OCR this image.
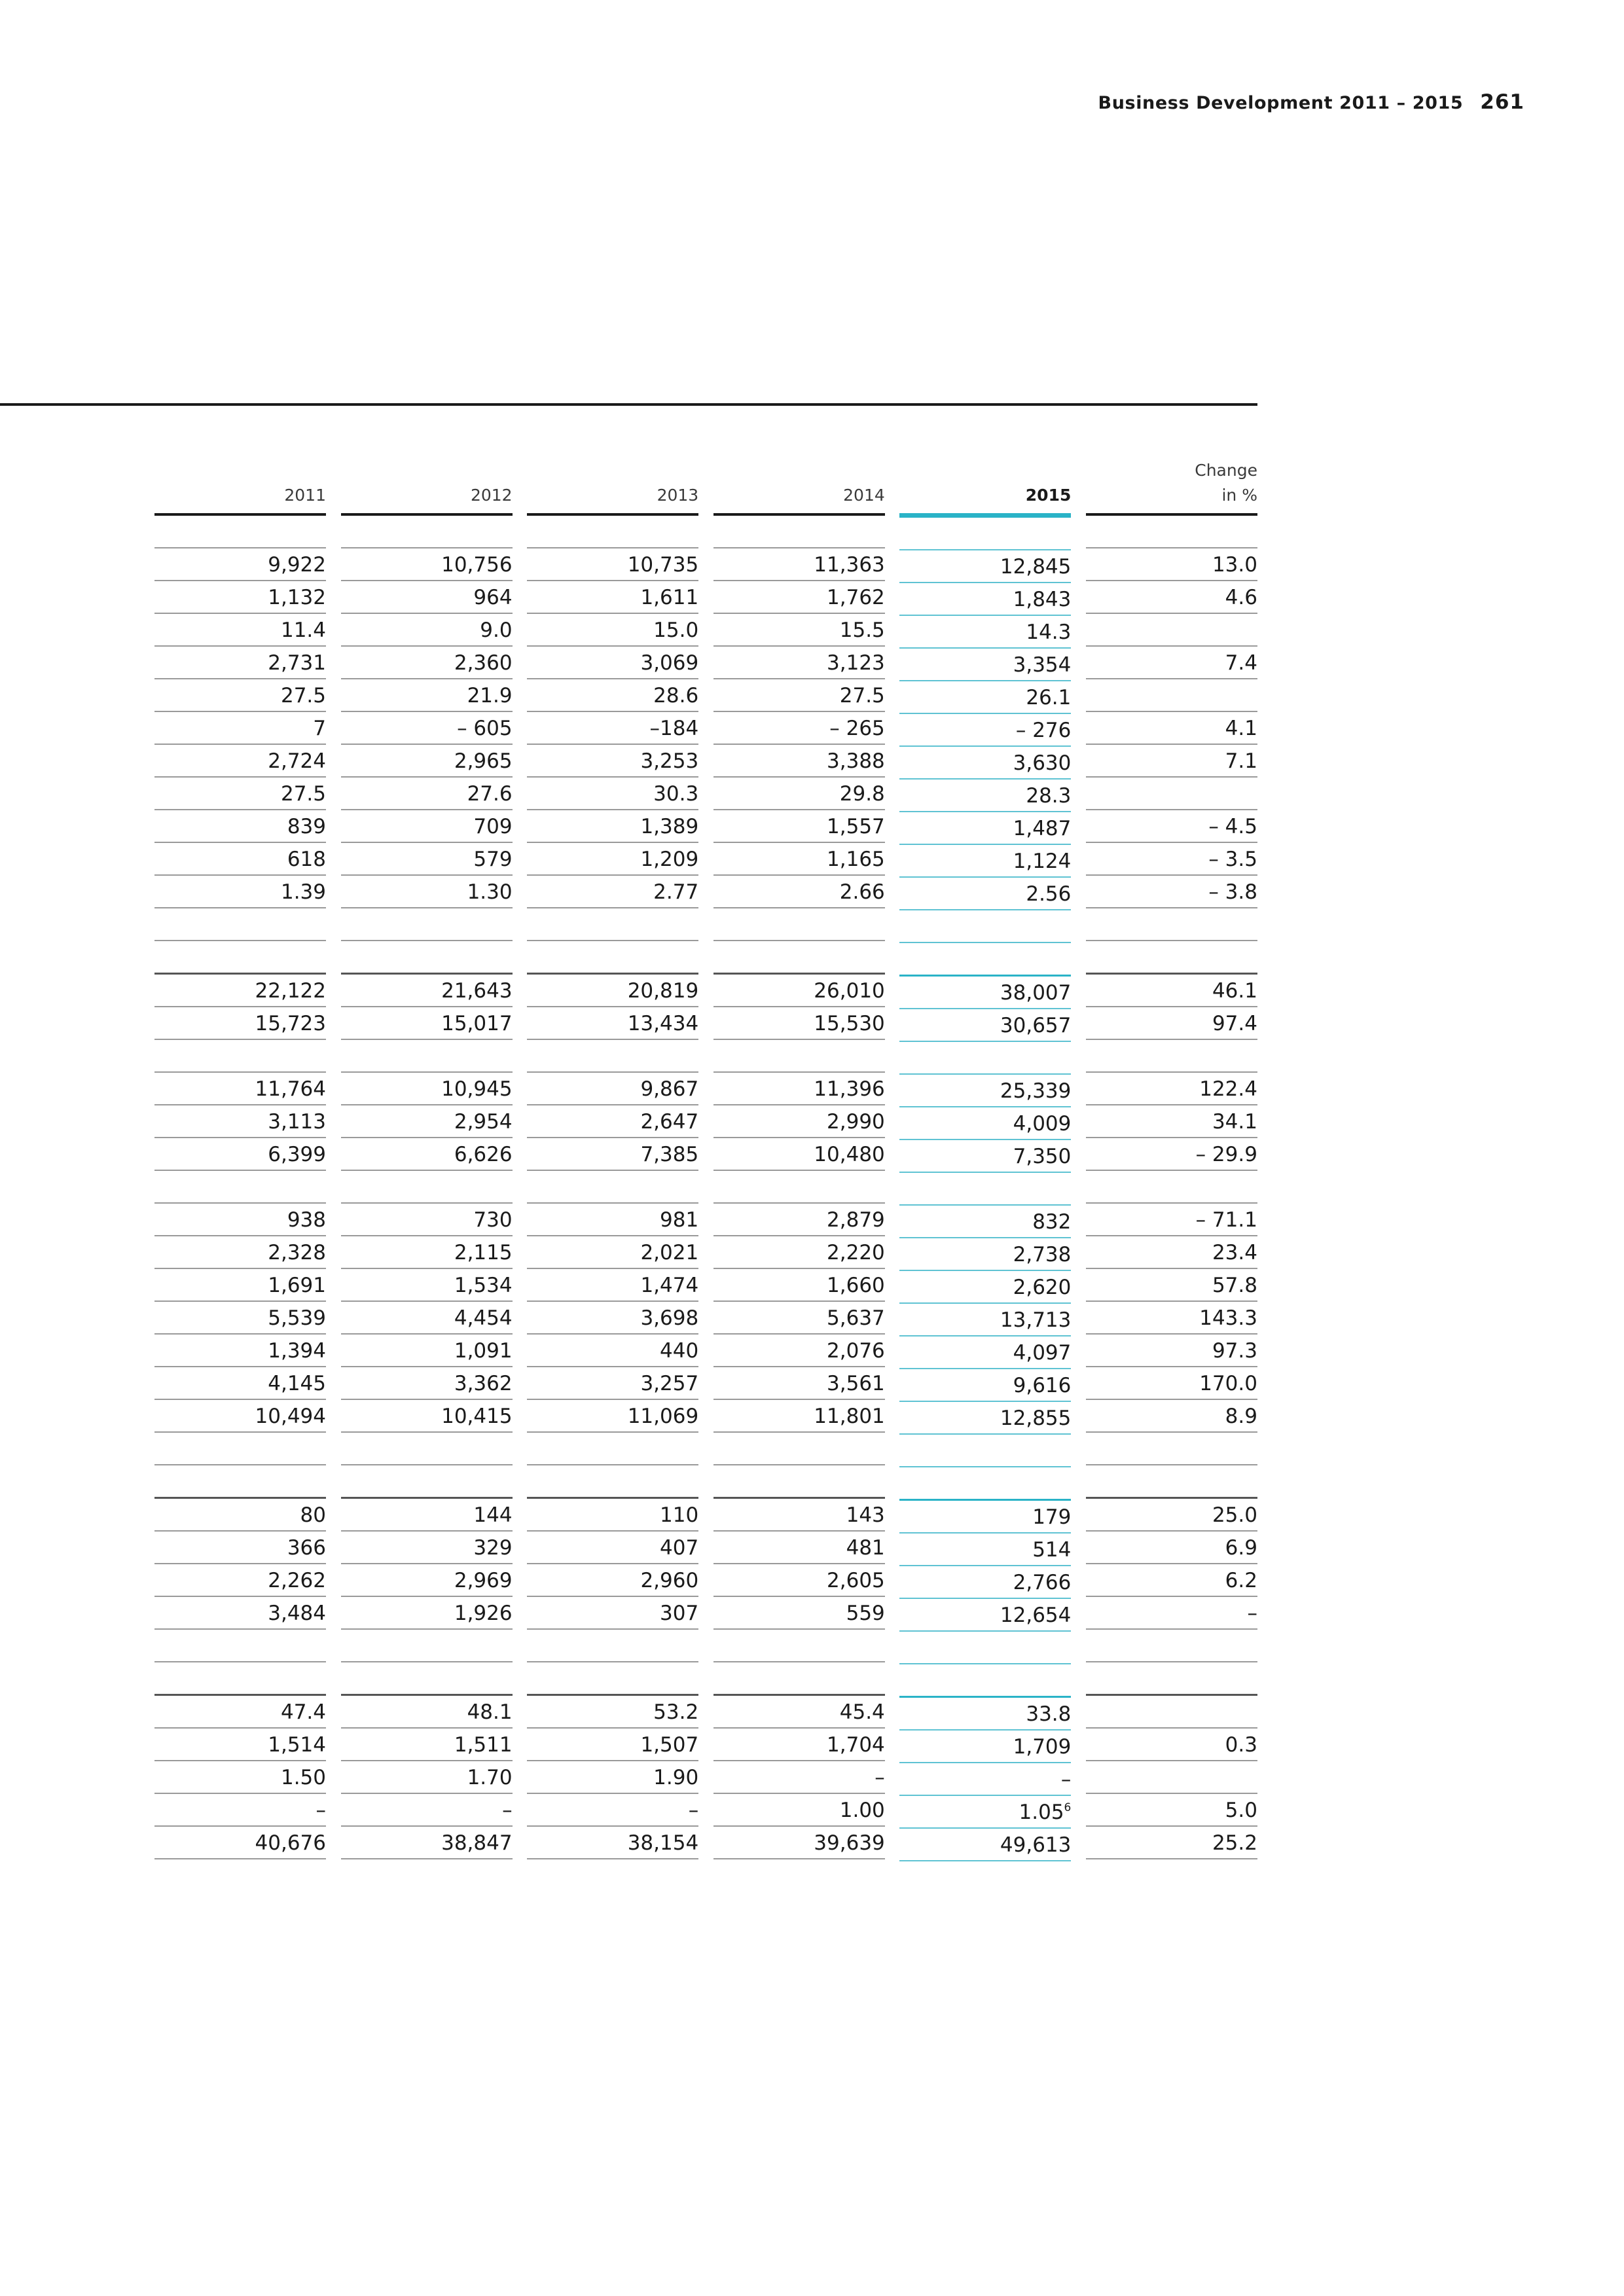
Business Development 2011 – 2015 261
2011
9,922
1,132
11.4
2,731
27.5
7
2,724
27.5
839
618
1.39
22,122
15,723
11,764
3,113
6,399
938
2,328
1,691
5,539
1,394
4,145
10,494
80
366
2,262
3,484
47.4
1,514
1.50
–
40,676
2012
10,756
964
9.0
2,360
21.9
– 605
2,965
27.6
709
579
1.30
21,643
15,017
10,945
2,954
6,626
730
2,115
1,534
4,454
1,091
3,362
10,415
144
329
2,969
1,926
48.1
1,511
1.70
–
38,847
2013
10,735
1,611
15.0
3,069
28.6
–184
3,253
30.3
1,389
1,209
2.77
20,819
13,434
9,867
2,647
7,385
981
2,021
1,474
3,698
440
3,257
11,069
110
407
2,960
307
53.2
1,507
1.90
–
38,154
2014
11,363
1,762
15.5
3,123
27.5
– 265
3,388
29.8
1,557
1,165
2.66
26,010
15,530
11,396
2,990
10,480
2,879
2,220
1,660
5,637
2,076
3,561
11,801
143
481
2,605
559
45.4
1,704
–
1.00
39,639
2015
12,845
1,843
14.3
3,354
26.1
– 276
3,630
28.3
1,487
1,124
2.56
38,007
30,657
25,339
4,009
7,350
832
2,738
2,620
13,713
4,097
9,616
12,855
179
514
2,766
12,654
33.8
1,709
–
1.05$^6$
49,613
Change
in %
13.0
4.6
7.4
4.1
7.1
– 4.5
– 3.5
– 3.8
46.1
97.4
122.4
34.1
– 29.9
– 71.1
23.4
57.8
143.3
97.3
170.0
8.9
25.0
6.9
6.2
–
0.3
5.0
25.2
